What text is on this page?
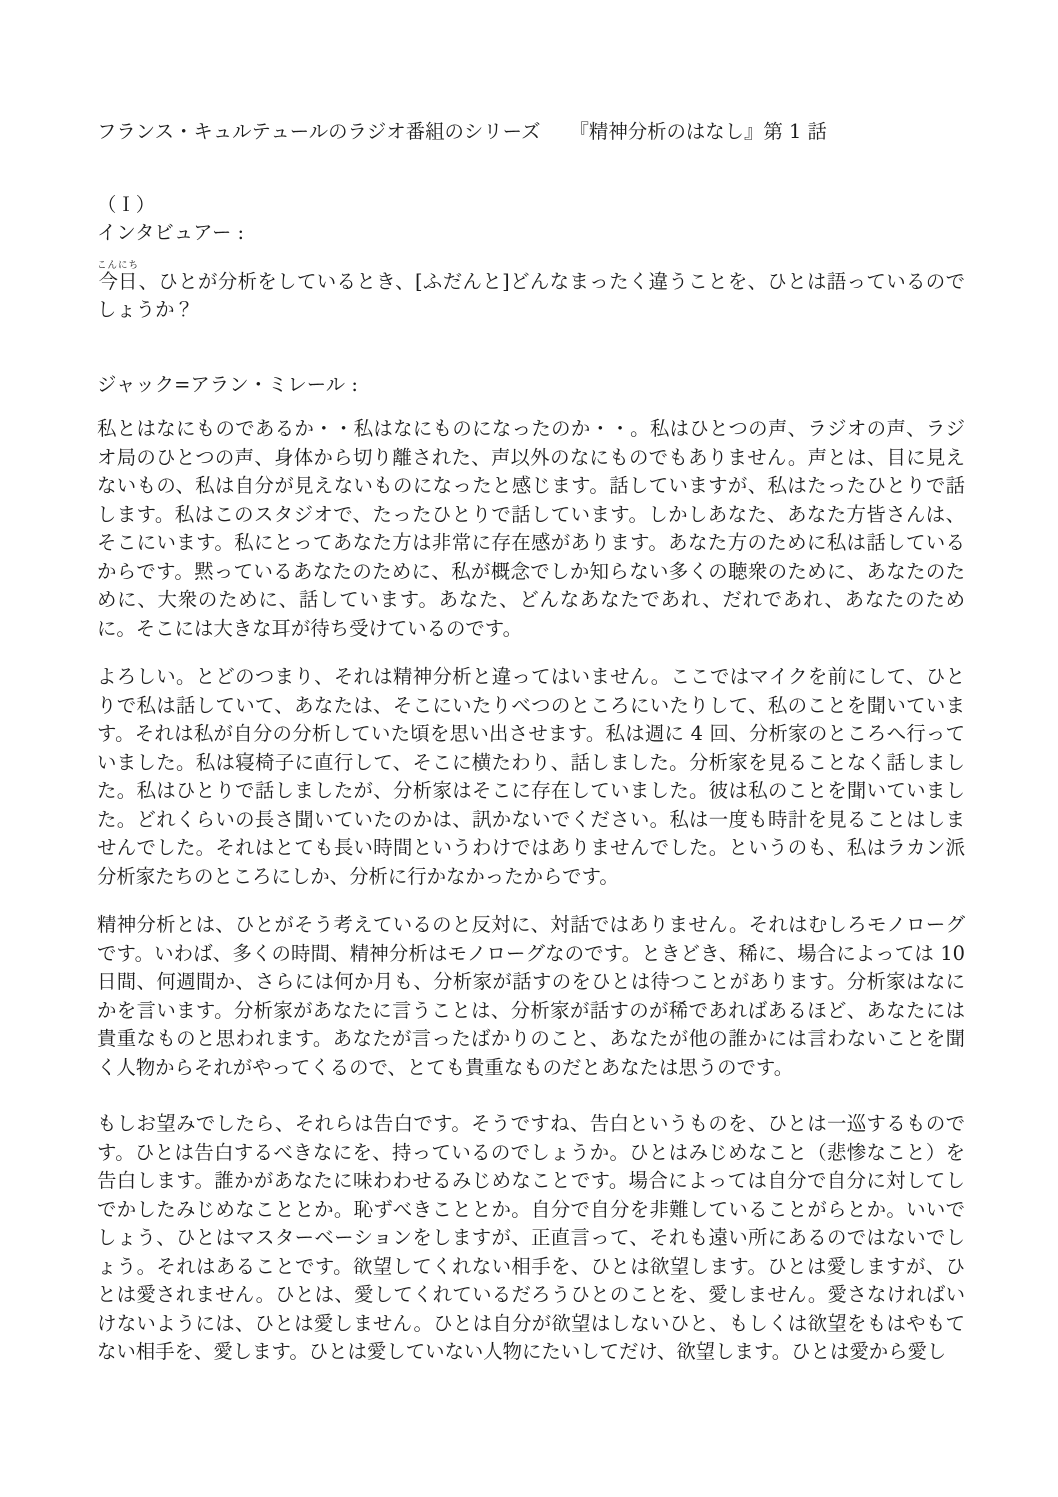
フランス・キュルテュールのラジオ番組のシリーズ　　『精神分析のはなし』第 1 話
（Ｉ）
インタビュアー :

今日こんにち、ひとが分析をしているとき、[ふだんと]どんなまったく違うことを、ひとは語っているのでしょうか？

ジャック=アラン・ミレール :

私とはなにものであるか・・私はなにものになったのか・・。私はひとつの声、ラジオの声、ラジオ局のひとつの声、身体から切り離された、声以外のなにものでもありません。声とは、目に見えないもの、私は自分が見えないものになったと感じます。話していますが、私はたったひとりで話します。私はこのスタジオで、たったひとりで話しています。しかしあなた、あなた方皆さんは、そこにいます。私にとってあなた方は非常に存在感があります。あなた方のために私は話しているからです。黙っているあなたのために、私が概念でしか知らない多くの聴衆のために、あなたのために、大衆のために、話しています。あなた、どんなあなたであれ、だれであれ、あなたのために。そこには大きな耳が待ち受けているのです。

よろしい。とどのつまり、それは精神分析と違ってはいません。ここではマイクを前にして、ひとりで私は話していて、あなたは、そこにいたりべつのところにいたりして、私のことを聞いています。それは私が自分の分析していた頃を思い出させます。私は週に 4 回、分析家のところへ行っていました。私は寝椅子に直行して、そこに横たわり、話しました。分析家を見ることなく話しました。私はひとりで話しましたが、分析家はそこに存在していました。彼は私のことを聞いていました。どれくらいの長さ聞いていたのかは、訊かないでください。私は一度も時計を見ることはしませんでした。それはとても長い時間というわけではありませんでした。というのも、私はラカン派分析家たちのところにしか、分析に行かなかったからです。

精神分析とは、ひとがそう考えているのと反対に、対話ではありません。それはむしろモノローグです。いわば、多くの時間、精神分析はモノローグなのです。ときどき、稀に、場合によっては 10 日間、何週間か、さらには何か月も、分析家が話すのをひとは待つことがあります。分析家はなにかを言います。分析家があなたに言うことは、分析家が話すのが稀であればあるほど、あなたには貴重なものと思われます。あなたが言ったばかりのこと、あなたが他の誰かには言わないことを聞く人物からそれがやってくるので、とても貴重なものだとあなたは思うのです。

もしお望みでしたら、それらは告白です。そうですね、告白というものを、ひとは一巡するものです。ひとは告白するべきなにを、持っているのでしょうか。ひとはみじめなこと（悲惨なこと）を告白します。誰かがあなたに味わわせるみじめなことです。場合によっては自分で自分に対してしでかしたみじめなこととか。恥ずべきこととか。自分で自分を非難していることがらとか。いいでしょう、ひとはマスターベーションをしますが、正直言って、それも遠い所にあるのではないでしょう。それはあることです。欲望してくれない相手を、ひとは欲望します。ひとは愛しますが、ひとは愛されません。ひとは、愛してくれているだろうひとのことを、愛しません。愛さなければいけないようには、ひとは愛しません。ひとは自分が欲望はしないひと、もしくは欲望をもはやもてない相手を、愛します。ひとは愛していない人物にたいしてだけ、欲望します。ひとは愛から愛し
